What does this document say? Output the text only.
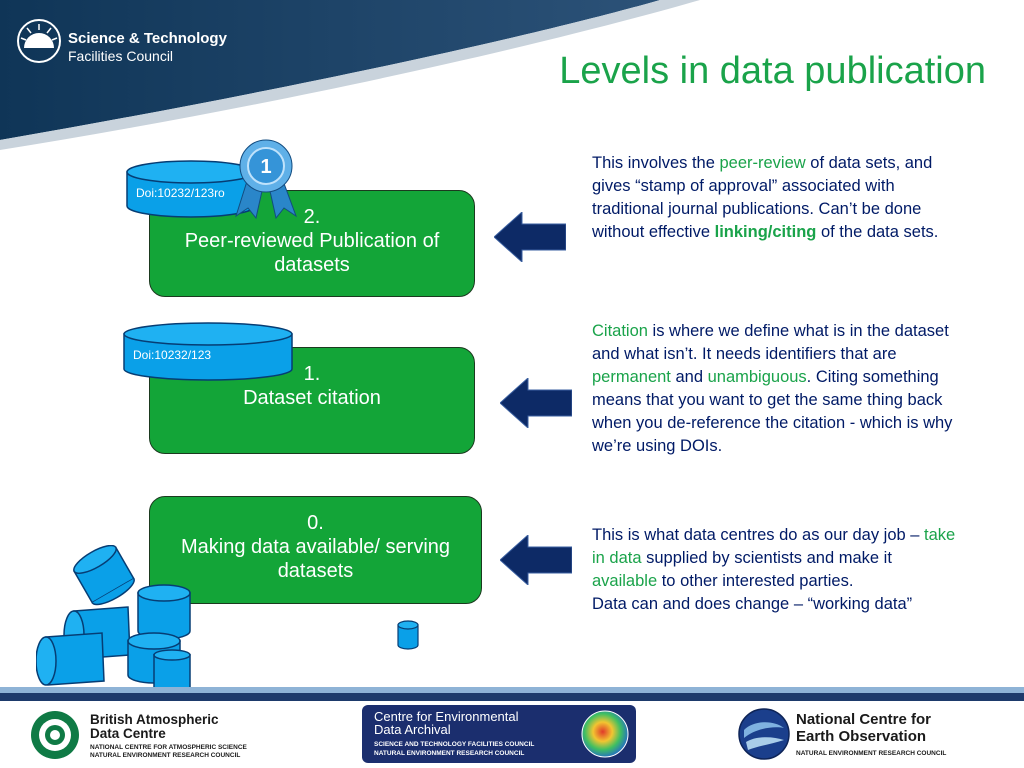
Science & Technology
Facilities Council	Levels in data publication
2.
Peer-reviewed Publication of datasets
Doi:10232/123ro
1	This involves the peer-review of data sets, and gives “stamp of approval” associated with traditional journal publications. Can’t be done without effective linking/citing of the data sets.
1.
Dataset citation
Doi:10232/123
Citation is where we define what is in the dataset and what isn’t. It needs identifiers that are permanent and unambiguous. Citing something means that you want to get the same thing back when you de-reference the citation - which is why we’re using DOIs.
0.
Making data available/ serving datasets
This is what data centres do as our day job – take in data supplied by scientists and make it available to other interested parties.
Data can and does change – “working data”
British Atmospheric
Data Centre
NATIONAL CENTRE FOR ATMOSPHERIC SCIENCE
NATURAL ENVIRONMENT RESEARCH COUNCIL
Centre for Environmental
Data Archival
SCIENCE AND TECHNOLOGY FACILITIES COUNCIL
NATURAL ENVIRONMENT RESEARCH COUNCIL
National Centre for
Earth Observation
NATURAL ENVIRONMENT RESEARCH COUNCIL
